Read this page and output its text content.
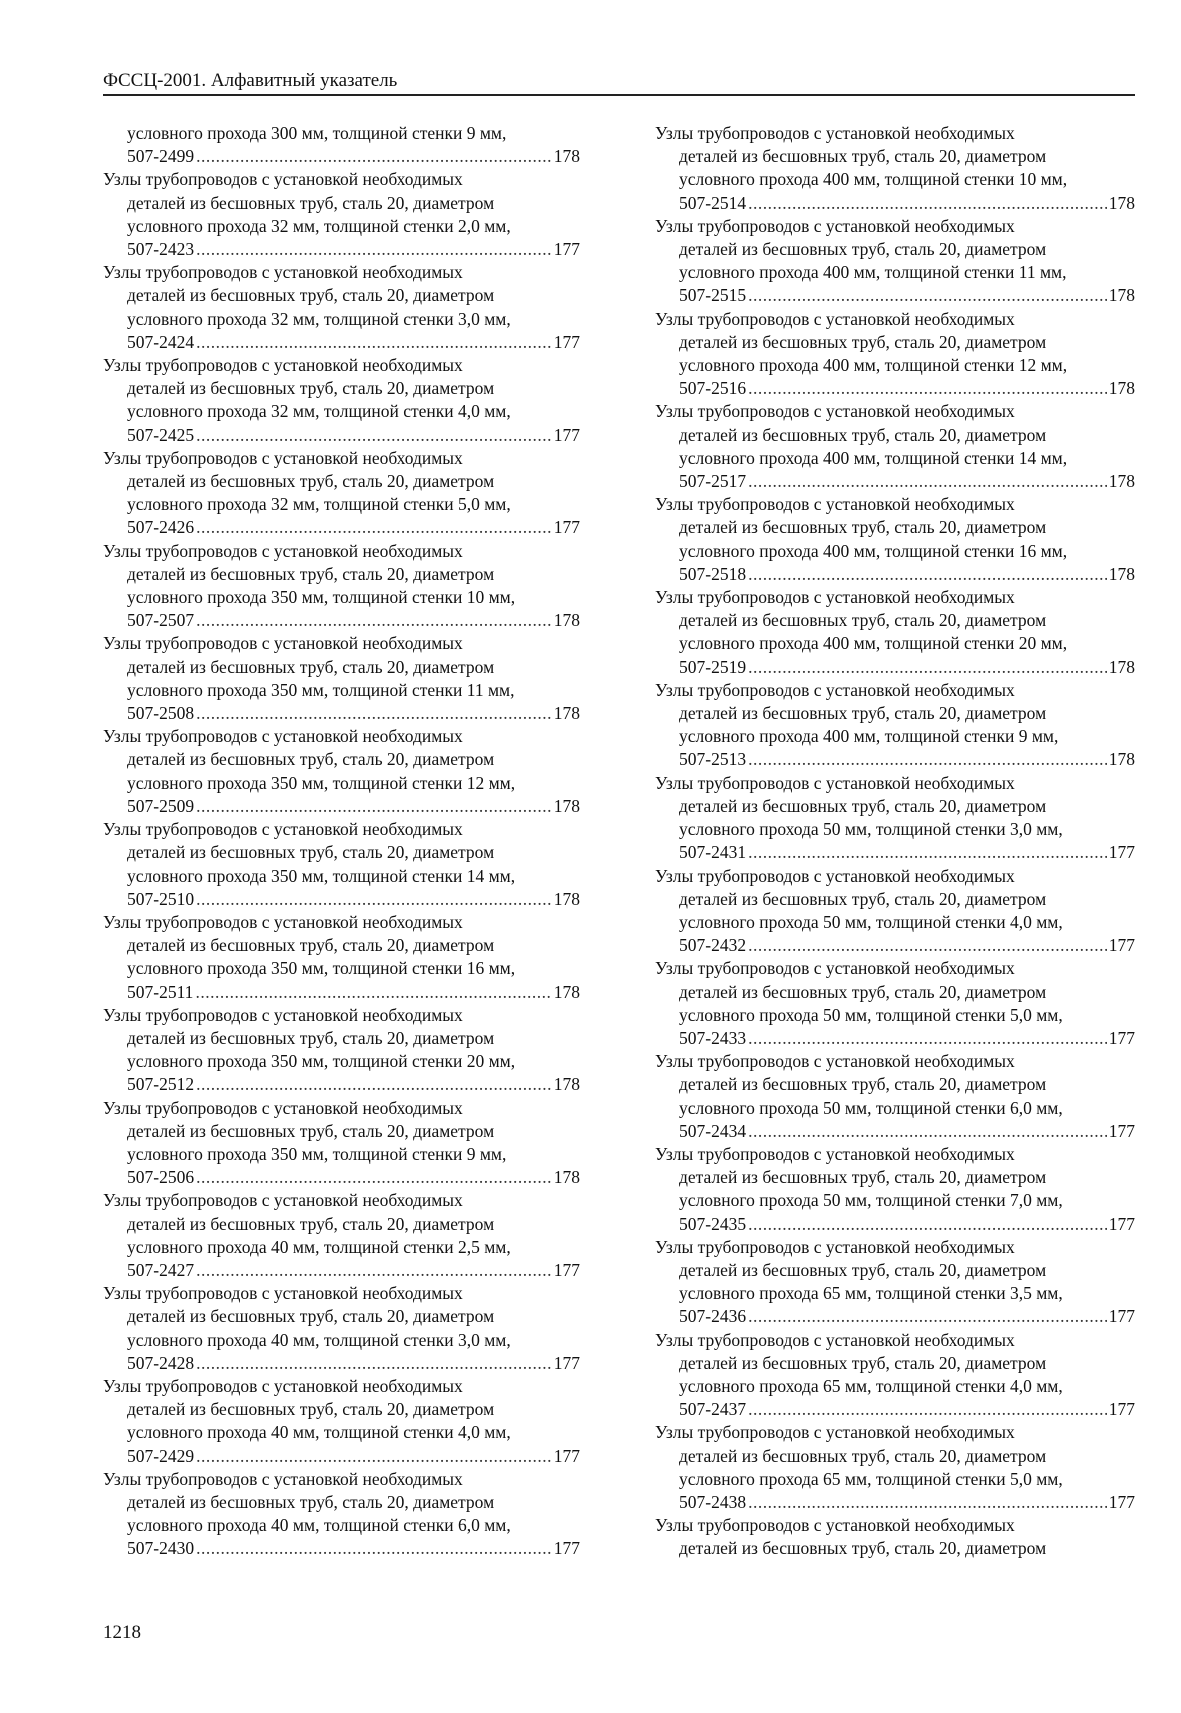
ФССЦ-2001. Алфавитный указатель
условного прохода 300 мм, толщиной стенки 9 мм,
507-2499 .....	178
Узлы трубопроводов с установкой необходимых
деталей из бесшовных труб, сталь 20, диаметром
условного прохода 32 мм, толщиной стенки 2,0 мм,
507-2423 .....	177
Узлы трубопроводов с установкой необходимых
деталей из бесшовных труб, сталь 20, диаметром
условного прохода 32 мм, толщиной стенки 3,0 мм,
507-2424 .....	177
Узлы трубопроводов с установкой необходимых
деталей из бесшовных труб, сталь 20, диаметром
условного прохода 32 мм, толщиной стенки 4,0 мм,
507-2425 .....	177
Узлы трубопроводов с установкой необходимых
деталей из бесшовных труб, сталь 20, диаметром
условного прохода 32 мм, толщиной стенки 5,0 мм,
507-2426 .....	177
Узлы трубопроводов с установкой необходимых
деталей из бесшовных труб, сталь 20, диаметром
условного прохода 350 мм, толщиной стенки 10 мм,
507-2507 .....	178
Узлы трубопроводов с установкой необходимых
деталей из бесшовных труб, сталь 20, диаметром
условного прохода 350 мм, толщиной стенки 11 мм,
507-2508 .....	178
Узлы трубопроводов с установкой необходимых
деталей из бесшовных труб, сталь 20, диаметром
условного прохода 350 мм, толщиной стенки 12 мм,
507-2509 .....	178
Узлы трубопроводов с установкой необходимых
деталей из бесшовных труб, сталь 20, диаметром
условного прохода 350 мм, толщиной стенки 14 мм,
507-2510 .....	178
Узлы трубопроводов с установкой необходимых
деталей из бесшовных труб, сталь 20, диаметром
условного прохода 350 мм, толщиной стенки 16 мм,
507-2511 .....	178
Узлы трубопроводов с установкой необходимых
деталей из бесшовных труб, сталь 20, диаметром
условного прохода 350 мм, толщиной стенки 20 мм,
507-2512 .....	178
Узлы трубопроводов с установкой необходимых
деталей из бесшовных труб, сталь 20, диаметром
условного прохода 350 мм, толщиной стенки 9 мм,
507-2506 .....	178
Узлы трубопроводов с установкой необходимых
деталей из бесшовных труб, сталь 20, диаметром
условного прохода 40 мм, толщиной стенки 2,5 мм,
507-2427 .....	177
Узлы трубопроводов с установкой необходимых
деталей из бесшовных труб, сталь 20, диаметром
условного прохода 40 мм, толщиной стенки 3,0 мм,
507-2428 .....	177
Узлы трубопроводов с установкой необходимых
деталей из бесшовных труб, сталь 20, диаметром
условного прохода 40 мм, толщиной стенки 4,0 мм,
507-2429 .....	177
Узлы трубопроводов с установкой необходимых
деталей из бесшовных труб, сталь 20, диаметром
условного прохода 40 мм, толщиной стенки 6,0 мм,
507-2430 .....	177
Узлы трубопроводов с установкой необходимых
деталей из бесшовных труб, сталь 20, диаметром
условного прохода 400 мм, толщиной стенки 10 мм,
507-2514 .....	178
Узлы трубопроводов с установкой необходимых
деталей из бесшовных труб, сталь 20, диаметром
условного прохода 400 мм, толщиной стенки 11 мм,
507-2515 .....	178
Узлы трубопроводов с установкой необходимых
деталей из бесшовных труб, сталь 20, диаметром
условного прохода 400 мм, толщиной стенки 12 мм,
507-2516 .....	178
Узлы трубопроводов с установкой необходимых
деталей из бесшовных труб, сталь 20, диаметром
условного прохода 400 мм, толщиной стенки 14 мм,
507-2517 .....	178
Узлы трубопроводов с установкой необходимых
деталей из бесшовных труб, сталь 20, диаметром
условного прохода 400 мм, толщиной стенки 16 мм,
507-2518 .....	178
Узлы трубопроводов с установкой необходимых
деталей из бесшовных труб, сталь 20, диаметром
условного прохода 400 мм, толщиной стенки 20 мм,
507-2519 .....	178
Узлы трубопроводов с установкой необходимых
деталей из бесшовных труб, сталь 20, диаметром
условного прохода 400 мм, толщиной стенки 9 мм,
507-2513 .....	178
Узлы трубопроводов с установкой необходимых
деталей из бесшовных труб, сталь 20, диаметром
условного прохода 50 мм, толщиной стенки 3,0 мм,
507-2431 .....	177
Узлы трубопроводов с установкой необходимых
деталей из бесшовных труб, сталь 20, диаметром
условного прохода 50 мм, толщиной стенки 4,0 мм,
507-2432 .....	177
Узлы трубопроводов с установкой необходимых
деталей из бесшовных труб, сталь 20, диаметром
условного прохода 50 мм, толщиной стенки 5,0 мм,
507-2433 .....	177
Узлы трубопроводов с установкой необходимых
деталей из бесшовных труб, сталь 20, диаметром
условного прохода 50 мм, толщиной стенки 6,0 мм,
507-2434 .....	177
Узлы трубопроводов с установкой необходимых
деталей из бесшовных труб, сталь 20, диаметром
условного прохода 50 мм, толщиной стенки 7,0 мм,
507-2435 .....	177
Узлы трубопроводов с установкой необходимых
деталей из бесшовных труб, сталь 20, диаметром
условного прохода 65 мм, толщиной стенки 3,5 мм,
507-2436 .....	177
Узлы трубопроводов с установкой необходимых
деталей из бесшовных труб, сталь 20, диаметром
условного прохода 65 мм, толщиной стенки 4,0 мм,
507-2437 .....	177
Узлы трубопроводов с установкой необходимых
деталей из бесшовных труб, сталь 20, диаметром
условного прохода 65 мм, толщиной стенки 5,0 мм,
507-2438 .....	177
Узлы трубопроводов с установкой необходимых
деталей из бесшовных труб, сталь 20, диаметром
1218
